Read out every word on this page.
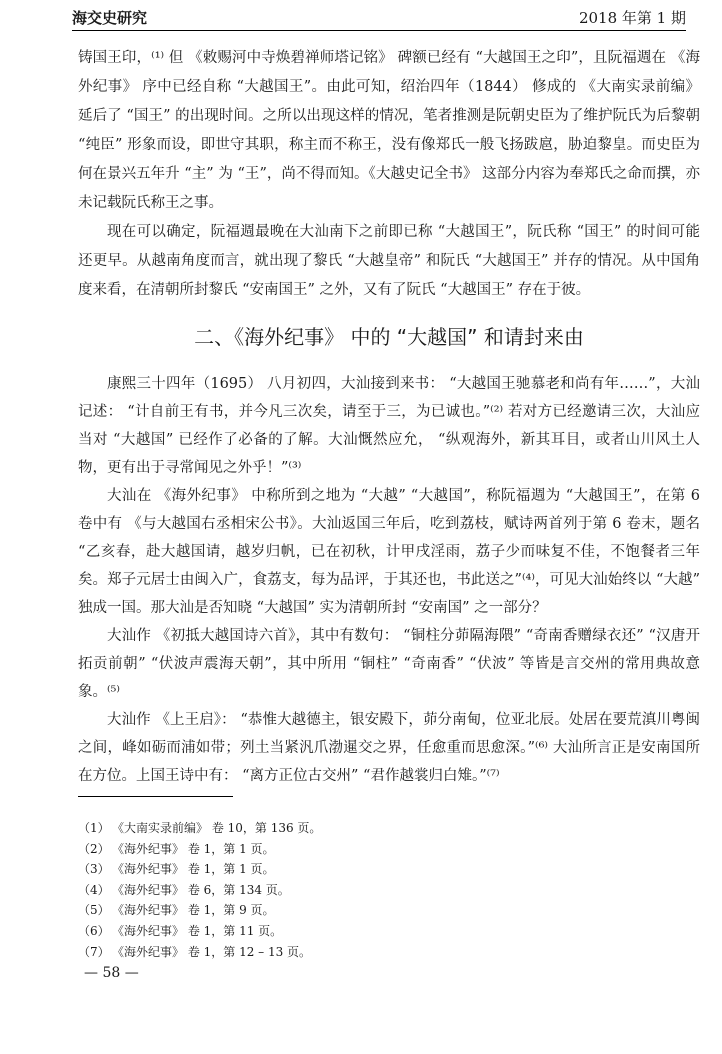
海交史研究	2018 年第 1 期

铸国王印，⁽¹⁾ 但 《敕赐河中寺焕碧禅师塔记铭》 碑额已经有 “大越国王之印”，且阮福週在 《海外纪事》 序中已经自称 “大越国王”。由此可知，绍治四年（1844） 修成的 《大南实录前编》 延后了 “国王” 的出现时间。之所以出现这样的情况，笔者推测是阮朝史臣为了维护阮氏为后黎朝 “纯臣” 形象而设，即世守其职，称主而不称王，没有像郑氏一般飞扬跋扈，胁迫黎皇。而史臣为何在景兴五年升 “主” 为 “王”，尚不得而知。《大越史记全书》 这部分内容为奉郑氏之命而撰，亦未记载阮氏称王之事。

现在可以确定，阮福週最晚在大汕南下之前即已称 “大越国王”，阮氏称 “国王” 的时间可能还更早。从越南角度而言，就出现了黎氏 “大越皇帝” 和阮氏 “大越国王” 并存的情况。从中国角度来看，在清朝所封黎氏 “安南国王” 之外，又有了阮氏 “大越国王” 存在于彼。

二、《海外纪事》 中的 “大越国” 和请封来由

康熙三十四年（1695） 八月初四，大汕接到来书： “大越国王驰慕老和尚有年……”，大汕记述： “计自前王有书，并今凡三次矣，请至于三，为已诚也。”⁽²⁾ 若对方已经邀请三次，大汕应当对 “大越国” 已经作了必备的了解。大汕慨然应允， “纵观海外，新其耳目，或者山川风土人物，更有出于寻常闻见之外乎！”⁽³⁾

大汕在 《海外纪事》 中称所到之地为 “大越” “大越国”，称阮福週为 “大越国王”，在第 6 卷中有 《与大越国右丞相宋公书》。大汕返国三年后，吃到荔枝，赋诗两首列于第 6 卷末，题名 “乙亥春，赴大越国请，越岁归帆，已在初秋，计甲戌淫雨，荔子少而味复不佳，不饱餐者三年矣。郑子元居士由闽入广，食荔支，每为品评，于其还也，书此送之”⁽⁴⁾，可见大汕始终以 “大越” 独成一国。那大汕是否知晓 “大越国” 实为清朝所封 “安南国” 之一部分？

大汕作 《初抵大越国诗六首》，其中有数句： “铜柱分茆隔海隈” “奇南香赠绿衣还” “汉唐开拓贡前朝” “伏波声震海天朝”，其中所用 “铜柱” “奇南香” “伏波” 等皆是言交州的常用典故意象。⁽⁵⁾

大汕作 《上王启》： “恭惟大越德主，银安殿下，茆分南甸，位亚北辰。处居在要荒滇川粤闽之间，峰如砺而浦如带；列土当紧汎爪渤暹交之界，任愈重而思愈深。”⁽⁶⁾ 大汕所言正是安南国所在方位。上国王诗中有： “离方正位古交州” “君作越裳归白雉。”⁽⁷⁾

（1） 《大南实录前编》 卷 10，第 136 页。
（2） 《海外纪事》 卷 1，第 1 页。
（3） 《海外纪事》 卷 1，第 1 页。
（4） 《海外纪事》 卷 6，第 134 页。
（5） 《海外纪事》 卷 1，第 9 页。
（6） 《海外纪事》 卷 1，第 11 页。
（7） 《海外纪事》 卷 1，第 12 – 13 页。
— 58 —
